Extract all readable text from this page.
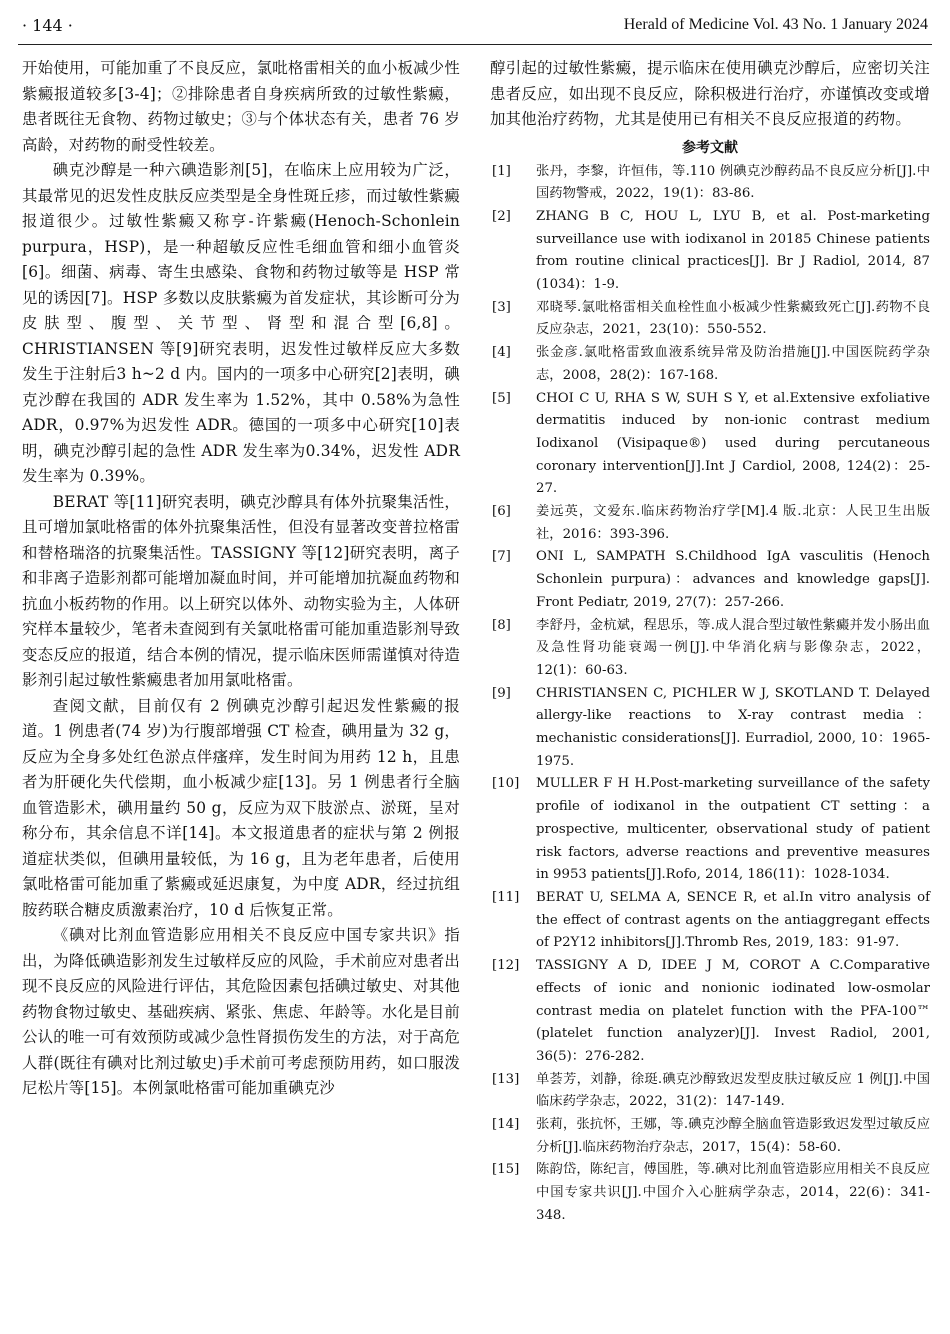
· 144 ·	Herald of Medicine Vol. 43 No. 1 January 2024

开始使用，可能加重了不良反应，氯吡格雷相关的血小板减少性紫癜报道较多[3-4]；②排除患者自身疾病所致的过敏性紫癜，患者既往无食物、药物过敏史；③与个体状态有关，患者 76 岁高龄，对药物的耐受性较差。

碘克沙醇是一种六碘造影剂[5]，在临床上应用较为广泛，其最常见的迟发性皮肤反应类型是全身性斑丘疹，而过敏性紫癜报道很少。过敏性紫癜又称亨-许紫癜(Henoch-Schonlein purpura，HSP)，是一种超敏反应性毛细血管和细小血管炎[6]。细菌、病毒、寄生虫感染、食物和药物过敏等是 HSP 常见的诱因[7]。HSP 多数以皮肤紫癜为首发症状，其诊断可分为皮肤型、腹型、关节型、肾型和混合型[6,8]。CHRISTIANSEN 等[9]研究表明，迟发性过敏样反应大多数发生于注射后3 h~2 d 内。国内的一项多中心研究[2]表明，碘克沙醇在我国的 ADR 发生率为 1.52%，其中 0.58%为急性 ADR，0.97%为迟发性 ADR。德国的一项多中心研究[10]表明，碘克沙醇引起的急性 ADR 发生率为0.34%，迟发性 ADR 发生率为 0.39%。

BERAT 等[11]研究表明，碘克沙醇具有体外抗聚集活性，且可增加氯吡格雷的体外抗聚集活性，但没有显著改变普拉格雷和替格瑞洛的抗聚集活性。TASSIGNY 等[12]研究表明，离子和非离子造影剂都可能增加凝血时间，并可能增加抗凝血药物和抗血小板药物的作用。以上研究以体外、动物实验为主，人体研究样本量较少，笔者未查阅到有关氯吡格雷可能加重造影剂导致变态反应的报道，结合本例的情况，提示临床医师需谨慎对待造影剂引起过敏性紫癜患者加用氯吡格雷。

查阅文献，目前仅有 2 例碘克沙醇引起迟发性紫癜的报道。1 例患者(74 岁)为行腹部增强 CT 检查，碘用量为 32 g，反应为全身多处红色淤点伴瘙痒，发生时间为用药 12 h，且患者为肝硬化失代偿期，血小板减少症[13]。另 1 例患者行全脑血管造影术，碘用量约 50 g，反应为双下肢淤点、淤斑，呈对称分布，其余信息不详[14]。本文报道患者的症状与第 2 例报道症状类似，但碘用量较低，为 16 g，且为老年患者，后使用氯吡格雷可能加重了紫癜或延迟康复，为中度 ADR，经过抗组胺药联合糖皮质激素治疗，10 d 后恢复正常。

《碘对比剂血管造影应用相关不良反应中国专家共识》指出，为降低碘造影剂发生过敏样反应的风险，手术前应对患者出现不良反应的风险进行评估，其危险因素包括碘过敏史、对其他药物食物过敏史、基础疾病、紧张、焦虑、年龄等。水化是目前公认的唯一可有效预防或减少急性肾损伤发生的方法，对于高危人群(既往有碘对比剂过敏史)手术前可考虑预防用药，如口服泼尼松片等[15]。本例氯吡格雷可能加重碘克沙

醇引起的过敏性紫癜，提示临床在使用碘克沙醇后，应密切关注患者反应，如出现不良反应，除积极进行治疗，亦谨慎改变或增加其他治疗药物，尤其是使用已有相关不良反应报道的药物。

参考文献
[1]	张丹，李黎，许恒伟，等.110 例碘克沙醇药品不良反应分析[J].中国药物警戒，2022，19(1)：83-86.
[2]	ZHANG B C, HOU L, LYU B, et al. Post-marketing surveillance use with iodixanol in 20185 Chinese patients from routine clinical practices[J]. Br J Radiol, 2014, 87 (1034)：1-9.
[3]	邓晓琴.氯吡格雷相关血栓性血小板减少性紫癜致死亡[J].药物不良反应杂志，2021，23(10)：550-552.
[4]	张金彦.氯吡格雷致血液系统异常及防治措施[J].中国医院药学杂志，2008，28(2)：167-168.
[5]	CHOI C U, RHA S W, SUH S Y, et al.Extensive exfoliative dermatitis induced by non-ionic contrast medium Iodixanol (Visipaque®) used during percutaneous coronary intervention[J].Int J Cardiol, 2008, 124(2)：25-27.
[6]	姜远英，文爱东.临床药物治疗学[M].4 版.北京：人民卫生出版社，2016：393-396.
[7]	ONI L, SAMPATH S.Childhood IgA vasculitis (Henoch Schonlein purpura)：advances and knowledge gaps[J]. Front Pediatr, 2019, 27(7)：257-266.
[8]	李舒丹，金杭斌，程思乐，等.成人混合型过敏性紫癜并发小肠出血及急性肾功能衰竭一例[J].中华消化病与影像杂志，2022，12(1)：60-63.
[9]	CHRISTIANSEN C, PICHLER W J, SKOTLAND T. Delayed allergy-like reactions to X-ray contrast media：mechanistic considerations[J]. Eurradiol, 2000, 10：1965-1975.
[10]	MULLER F H H.Post-marketing surveillance of the safety profile of iodixanol in the outpatient CT setting：a prospective, multicenter, observational study of patient risk factors, adverse reactions and preventive measures in 9953 patients[J].Rofo, 2014, 186(11)：1028-1034.
[11]	BERAT U, SELMA A, SENCE R, et al.In vitro analysis of the effect of contrast agents on the antiaggregant effects of P2Y12 inhibitors[J].Thromb Res, 2019, 183：91-97.
[12]	TASSIGNY A D, IDEE J M, COROT A C.Comparative effects of ionic and nonionic iodinated low-osmolar contrast media on platelet function with the PFA-100™ (platelet function analyzer)[J]. Invest Radiol, 2001, 36(5)：276-282.
[13]	单荟芳，刘静，徐珽.碘克沙醇致迟发型皮肤过敏反应 1 例[J].中国临床药学杂志，2022，31(2)：147-149.
[14]	张莉，张抗怀，王娜，等.碘克沙醇全脑血管造影致迟发型过敏反应分析[J].临床药物治疗杂志，2017，15(4)：58-60.
[15]	陈韵岱，陈纪言，傅国胜，等.碘对比剂血管造影应用相关不良反应中国专家共识[J].中国介入心脏病学杂志，2014，22(6)：341-348.
